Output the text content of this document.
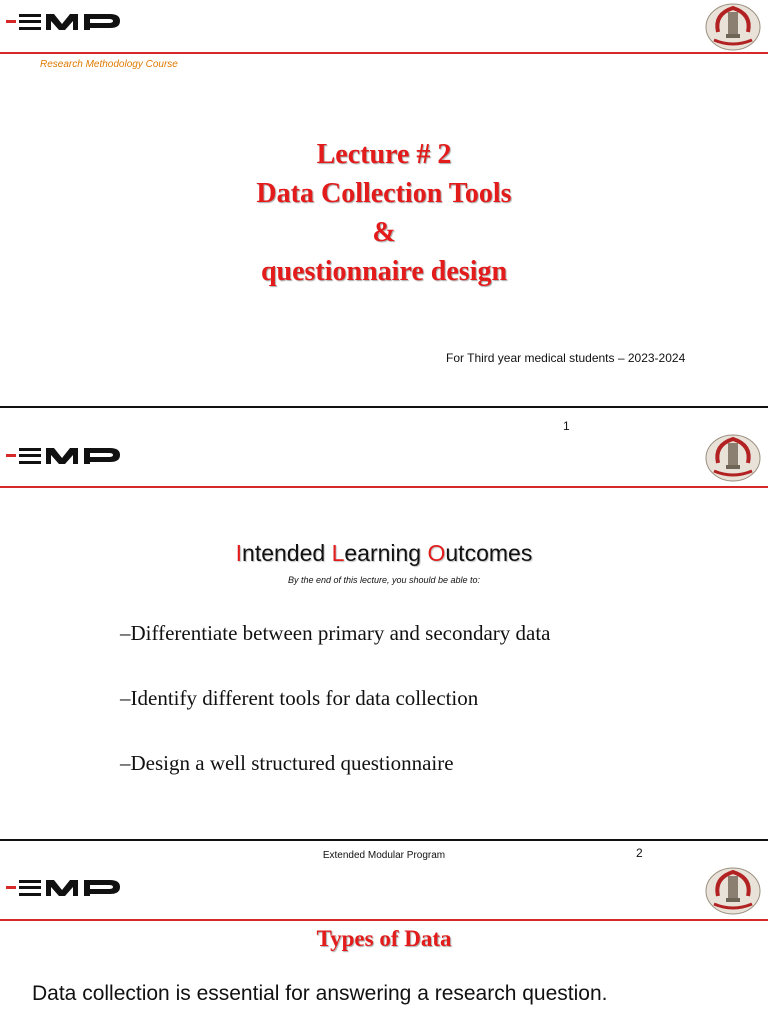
Research Methodology Course
Lecture # 2
Data Collection Tools
&
questionnaire design
For Third year medical students – 2023-2024
1
Intended Learning Outcomes
By the end of this lecture, you should be able to:
–Differentiate between primary and secondary data
–Identify different tools for data collection
–Design a well structured questionnaire
Extended Modular Program	2
Types of Data
Data collection is essential for answering a research question.
